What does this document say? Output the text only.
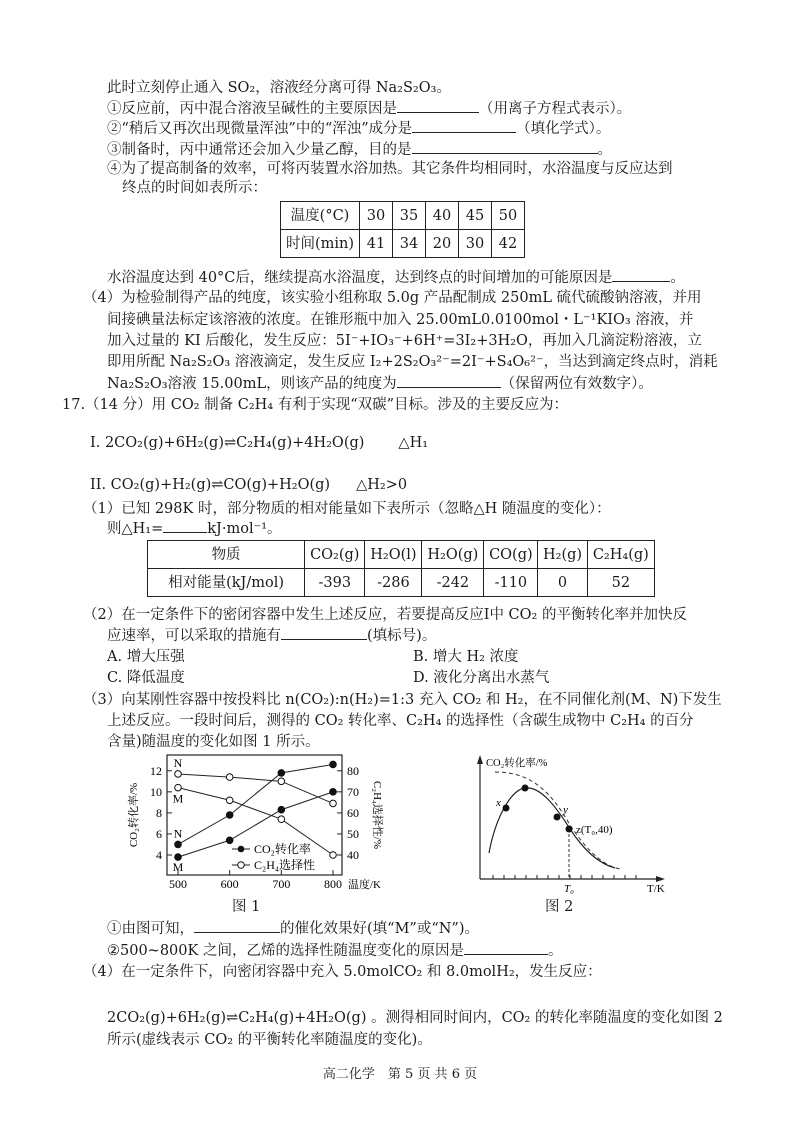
此时立刻停止通入 SO₂，溶液经分离可得 Na₂S₂O₃。
①反应前，丙中混合溶液呈碱性的主要原因是	（用离子方程式表示）。
②“稍后又再次出现微量浑浊”中的“浑浊”成分是	（填化学式）。
③制备时，丙中通常还会加入少量乙醇，目的是	。
④为了提高制备的效率，可将丙装置水浴加热。其它条件均相同时，水浴温度与反应达到
终点的时间如表所示：
温度(°C)	30	35	40	45	50
时间(min)	41	34	20	30	42
水浴温度达到 40°C后，继续提高水浴温度，达到终点的时间增加的可能原因是	。
（4）为检验制得产品的纯度，该实验小组称取 5.0g 产品配制成 250mL 硫代硫酸钠溶液，并用
间接碘量法标定该溶液的浓度。在锥形瓶中加入 25.00mL0.0100mol・L⁻¹KIO₃ 溶液，并
加入过量的 KI 后酸化，发生反应：5I⁻+IO₃⁻+6H⁺=3I₂+3H₂O，再加入几滴淀粉溶液，立
即用所配 Na₂S₂O₃ 溶液滴定，发生反应 I₂+2S₂O₃²⁻=2I⁻+S₄O₆²⁻，当达到滴定终点时，消耗
Na₂S₂O₃溶液 15.00mL，则该产品的纯度为	（保留两位有效数字）。
17.（14 分）用 CO₂ 制备 C₂H₄ 有利于实现“双碳”目标。涉及的主要反应为：
I. 2CO₂(g)+6H₂(g)⇌C₂H₄(g)+4H₂O(g) △H₁
II. CO₂(g)+H₂(g)⇌CO(g)+H₂O(g) △H₂>0
（1）已知 298K 时，部分物质的相对能量如下表所示（忽略△H 随温度的变化）：
则△H₁=	kJ·mol⁻¹。
物质	CO₂(g)	H₂O(l)	H₂O(g)	CO(g)	H₂(g)	C₂H₄(g)
相对能量(kJ/mol)	-393	-286	-242	-110	0	52
（2）在一定条件下的密闭容器中发生上述反应，若要提高反应I中 CO₂ 的平衡转化率并加快反
应速率，可以采取的措施有	(填标号)。
A. 增大压强	B. 增大 H₂ 浓度
C. 降低温度	D. 液化分离出水蒸气
（3）向某刚性容器中按投料比 n(CO₂):n(H₂)=1:3 充入 CO₂ 和 H₂，在不同催化剂(M、N)下发生
上述反应。一段时间后，测得的 CO₂ 转化率、C₂H₄ 的选择性（含碳生成物中 C₂H₄ 的百分
含量)随温度的变化如图 1 所示。
500	600	700	800 温度/K
4
6
8
10
12
40
50
60
70
80
CO₂转化率/%	C₂H₄选择性/%
N
M
N
M
CO₂转化率
C₂H₄选择性
x
y
z(T₀,40)
CO₂转化率/%
T₀	T/K
图 1	图 2
①由图可知，	的催化效果好(填“M”或“N”)。
②500~800K 之间，乙烯的选择性随温度变化的原因是	。
（4）在一定条件下，向密闭容器中充入 5.0molCO₂ 和 8.0molH₂，发生反应：
2CO₂(g)+6H₂(g)⇌C₂H₄(g)+4H₂O(g) 。测得相同时间内，CO₂ 的转化率随温度的变化如图 2
所示(虚线表示 CO₂ 的平衡转化率随温度的变化)。
高二化学　第 5 页 共 6 页
